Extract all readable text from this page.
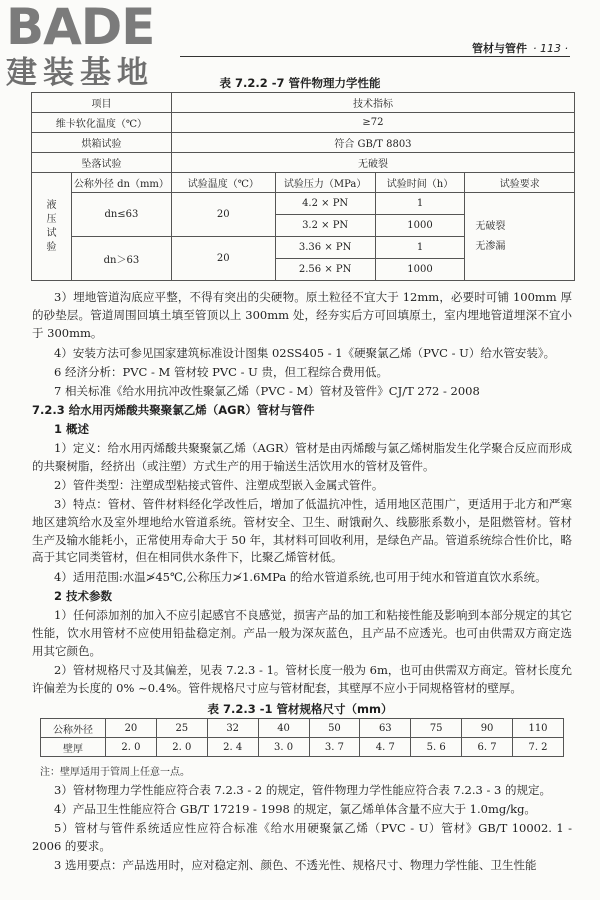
BADE
建装基地
管材与管件 · 113 ·
表 7.2.2 -7 管件物理力学性能
项目		技术指标			
维卡软化温度（℃）		≥72			
烘箱试验		符合 GB/T 8803			
坠落试验		无破裂			
液压试验	公称外径 dn（mm）	试验温度（℃）	试验压力（MPa）	试验时间（h）	试验要求
	dn≤63	20	4.2 × PN	1	无破裂
无渗漏

			3.2 × PN	1000	
	dn＞63	20	3.36 × PN	1	
			2.56 × PN	1000	
3）埋地管道沟底应平整，不得有突出的尖硬物。原土粒径不宜大于 12mm，必要时可铺 100mm 厚的砂垫层。管道周围回填土填至管顶以上 300mm 处，经夯实后方可回填原土，室内埋地管道埋深不宜小于 300mm。
4）安装方法可参见国家建筑标准设计图集 02SS405 - 1《硬聚氯乙烯（PVC - U）给水管安装》。
6 经济分析：PVC - M 管材较 PVC - U 贵，但工程综合费用低。
7 相关标准《给水用抗冲改性聚氯乙烯（PVC - M）管材及管件》CJ/T 272 - 2008
7.2.3 给水用丙烯酸共聚聚氯乙烯（AGR）管材与管件
1 概述
1）定义：给水用丙烯酸共聚聚氯乙烯（AGR）管材是由丙烯酸与氯乙烯树脂发生化学聚合反应而形成的共聚树脂，经挤出（或注塑）方式生产的用于输送生活饮用水的管材及管件。
2）管件类型：注塑成型粘接式管件、注塑成型嵌入金属式管件。
3）特点：管材、管件材料经化学改性后，增加了低温抗冲性，适用地区范围广，更适用于北方和严寒地区建筑给水及室外埋地给水管道系统。管材安全、卫生、耐饿耐久、线膨胀系数小，是阻燃管材。管材生产及输水能耗小，正常使用寿命大于 50 年，其材料可回收利用，是绿色产品。管道系统综合性价比，略高于其它同类管材，但在相同供水条件下，比聚乙烯管材低。
4）适用范围:水温≯45℃,公称压力≯1.6MPa 的给水管道系统,也可用于纯水和管道直饮水系统。
2 技术参数
1）任何添加剂的加入不应引起感官不良感觉，损害产品的加工和粘接性能及影响到本部分规定的其它性能，饮水用管材不应使用铅盐稳定剂。产品一般为深灰蓝色，且产品不应透光。也可由供需双方商定选用其它颜色。
2）管材规格尺寸及其偏差，见表 7.2.3 - 1。管材长度一般为 6m，也可由供需双方商定。管材长度允许偏差为长度的 0% ~0.4%。管件规格尺寸应与管材配套，其壁厚不应小于同规格管材的壁厚。
表 7.2.3 -1 管材规格尺寸（mm）
公称外径	20	25	32	40	50	63	75	90	110
壁厚	2. 0	2. 0	2. 4	3. 0	3. 7	4. 7	5. 6	6. 7	7. 2
注：壁厚适用于管周上任意一点。
3）管材物理力学性能应符合表 7.2.3 - 2 的规定，管件物理力学性能应符合表 7.2.3 - 3 的规定。
4）产品卫生性能应符合 GB/T 17219 - 1998 的规定，氯乙烯单体含量不应大于 1.0mg/kg。
5）管材与管件系统适应性应符合标准《给水用硬聚氯乙烯（PVC - U）管材》GB/T 10002. 1 - 2006 的要求。
3 选用要点：产品选用时，应对稳定剂、颜色、不透光性、规格尺寸、物理力学性能、卫生性能
